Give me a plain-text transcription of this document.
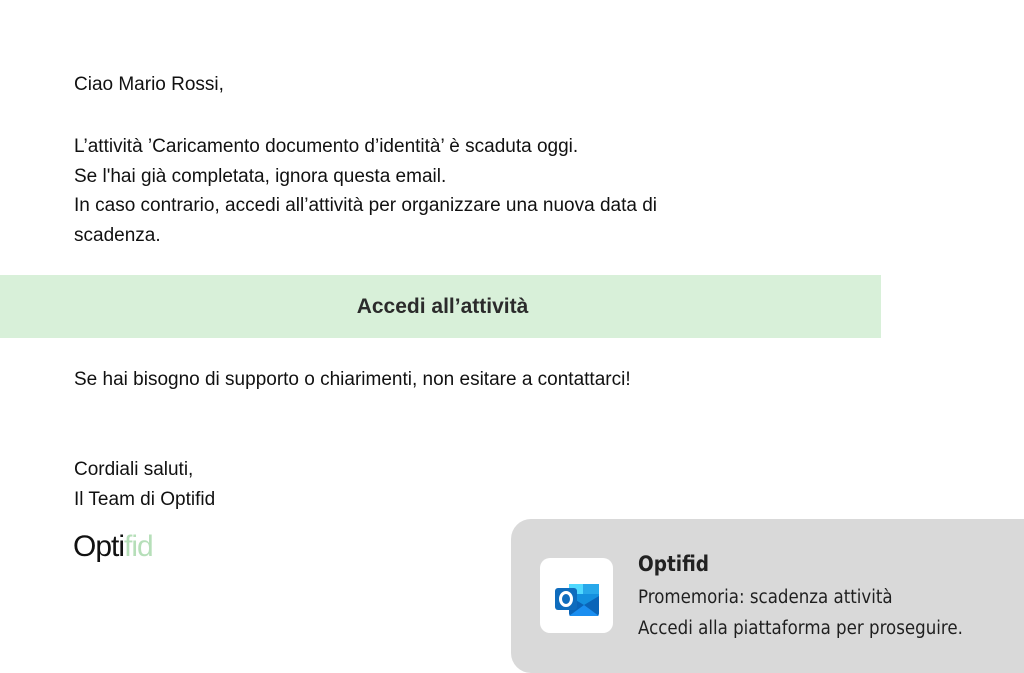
Ciao Mario Rossi,
L’attività ’Caricamento documento d’identità’ è scaduta oggi.
Se l'hai già completata, ignora questa email.
In caso contrario, accedi all’attività per organizzare una nuova data di
scadenza.
Accedi all’attività
Se hai bisogno di supporto o chiarimenti, non esitare a contattarci!
Cordiali saluti,
Il Team di Optifid
Optifid
Optifid
Promemoria: scadenza attività
Accedi alla piattaforma per proseguire.
